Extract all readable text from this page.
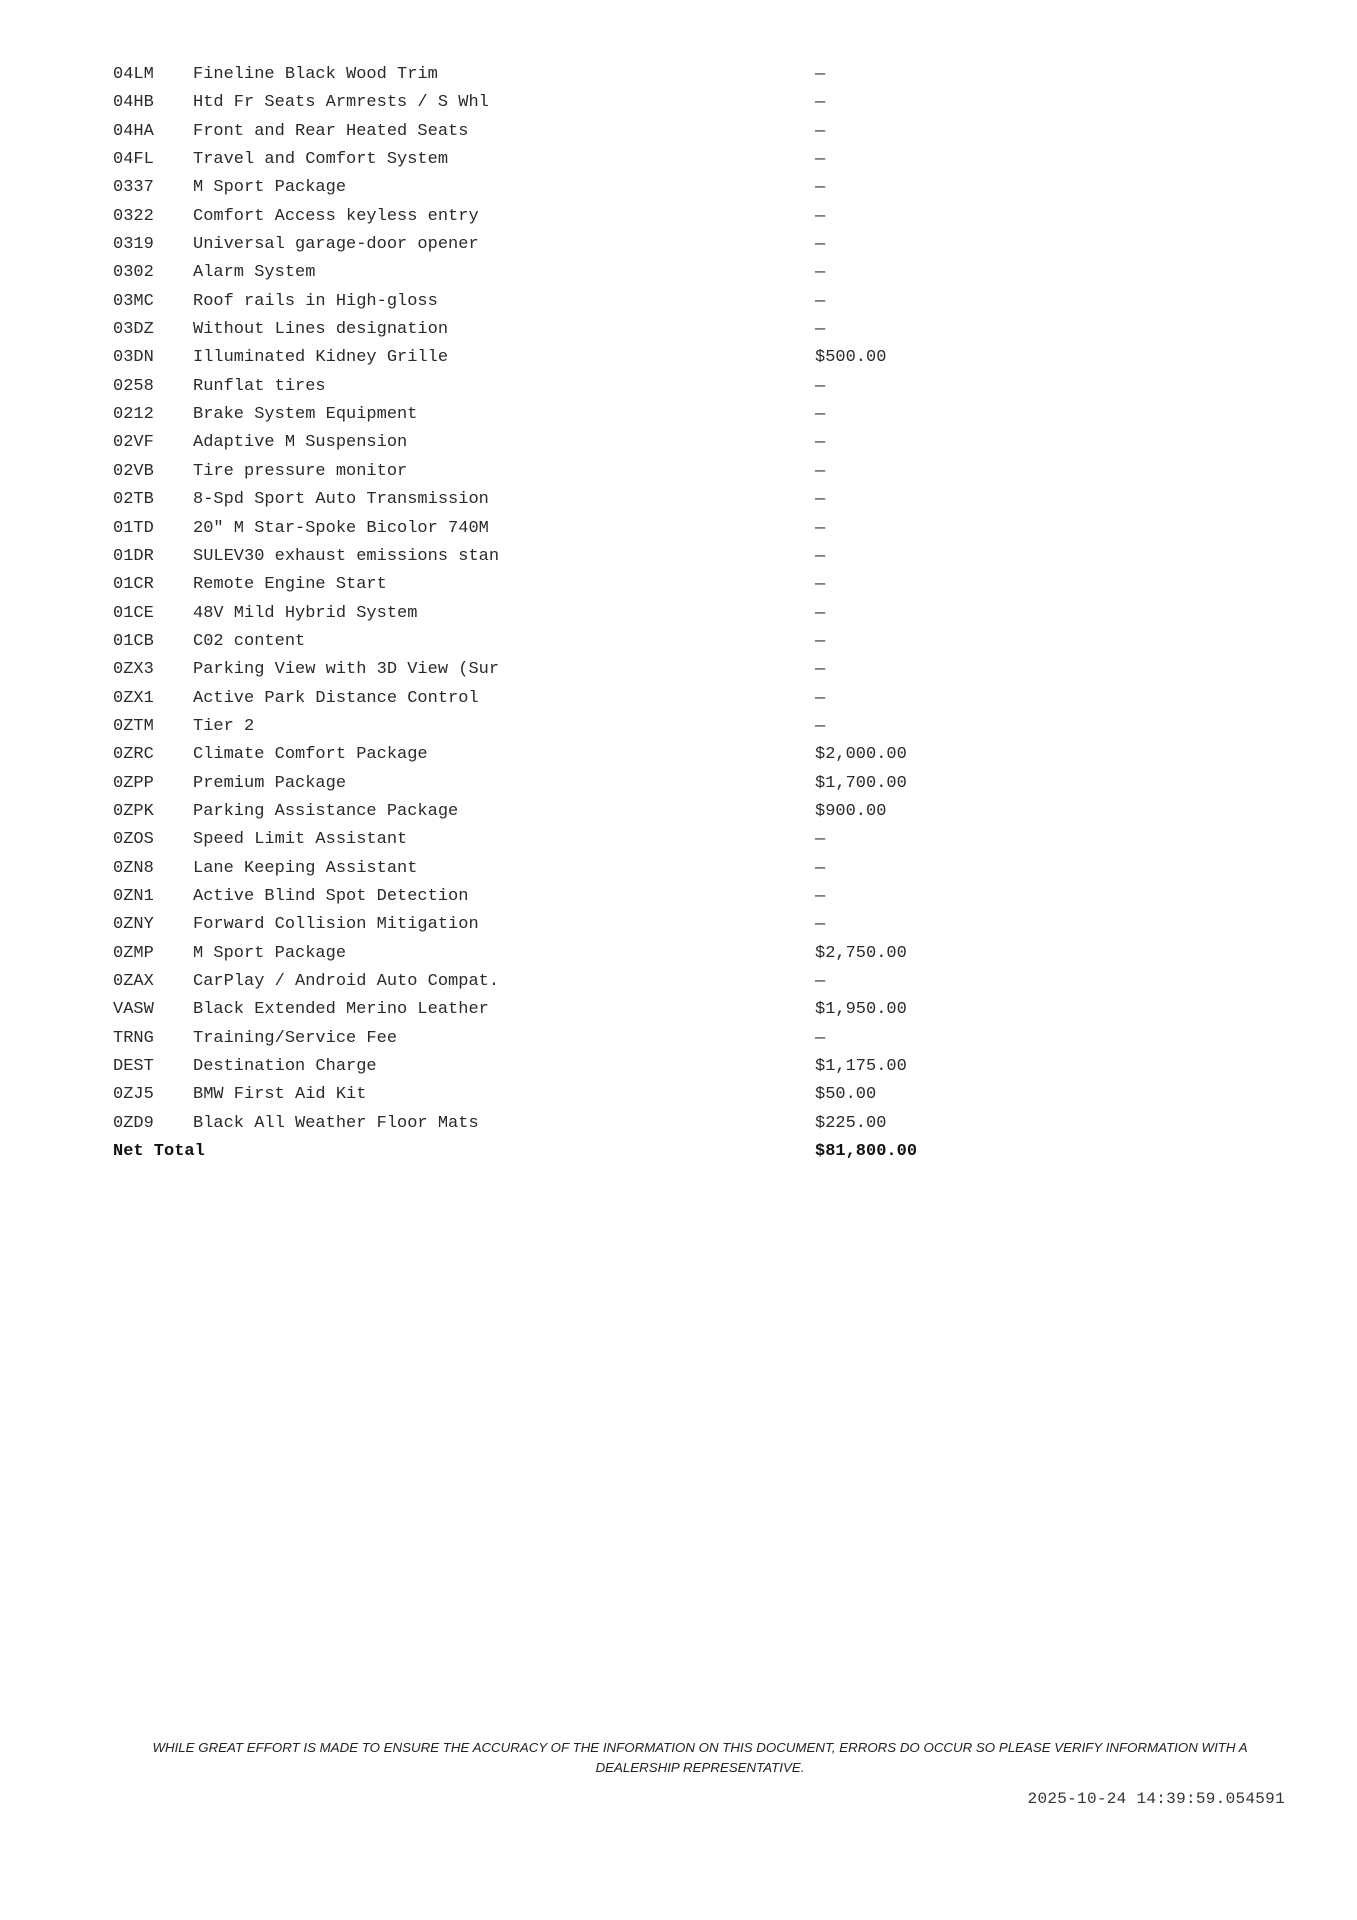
04LM	Fineline Black Wood Trim	—
04HB	Htd Fr Seats Armrests / S Whl	—
04HA	Front and Rear Heated Seats	—
04FL	Travel and Comfort System	—
0337	M Sport Package	—
0322	Comfort Access keyless entry	—
0319	Universal garage-door opener	—
0302	Alarm System	—
03MC	Roof rails in High-gloss	—
03DZ	Without Lines designation	—
03DN	Illuminated Kidney Grille	$500.00
0258	Runflat tires	—
0212	Brake System Equipment	—
02VF	Adaptive M Suspension	—
02VB	Tire pressure monitor	—
02TB	8-Spd Sport Auto Transmission	—
01TD	20" M Star-Spoke Bicolor 740M	—
01DR	SULEV30 exhaust emissions stan	—
01CR	Remote Engine Start	—
01CE	48V Mild Hybrid System	—
01CB	C02 content	—
0ZX3	Parking View with 3D View (Sur	—
0ZX1	Active Park Distance Control	—
0ZTM	Tier 2	—
0ZRC	Climate Comfort Package	$2,000.00
0ZPP	Premium Package	$1,700.00
0ZPK	Parking Assistance Package	$900.00
0ZOS	Speed Limit Assistant	—
0ZN8	Lane Keeping Assistant	—
0ZN1	Active Blind Spot Detection	—
0ZNY	Forward Collision Mitigation	—
0ZMP	M Sport Package	$2,750.00
0ZAX	CarPlay / Android Auto Compat.	—
VASW	Black Extended Merino Leather	$1,950.00
TRNG	Training/Service Fee	—
DEST	Destination Charge	$1,175.00
0ZJ5	BMW First Aid Kit	$50.00
0ZD9	Black All Weather Floor Mats	$225.00
Net Total		$81,800.00
WHILE GREAT EFFORT IS MADE TO ENSURE THE ACCURACY OF THE INFORMATION ON THIS DOCUMENT, ERRORS DO OCCUR SO PLEASE VERIFY INFORMATION WITH A
DEALERSHIP REPRESENTATIVE.
2025-10-24 14:39:59.054591
